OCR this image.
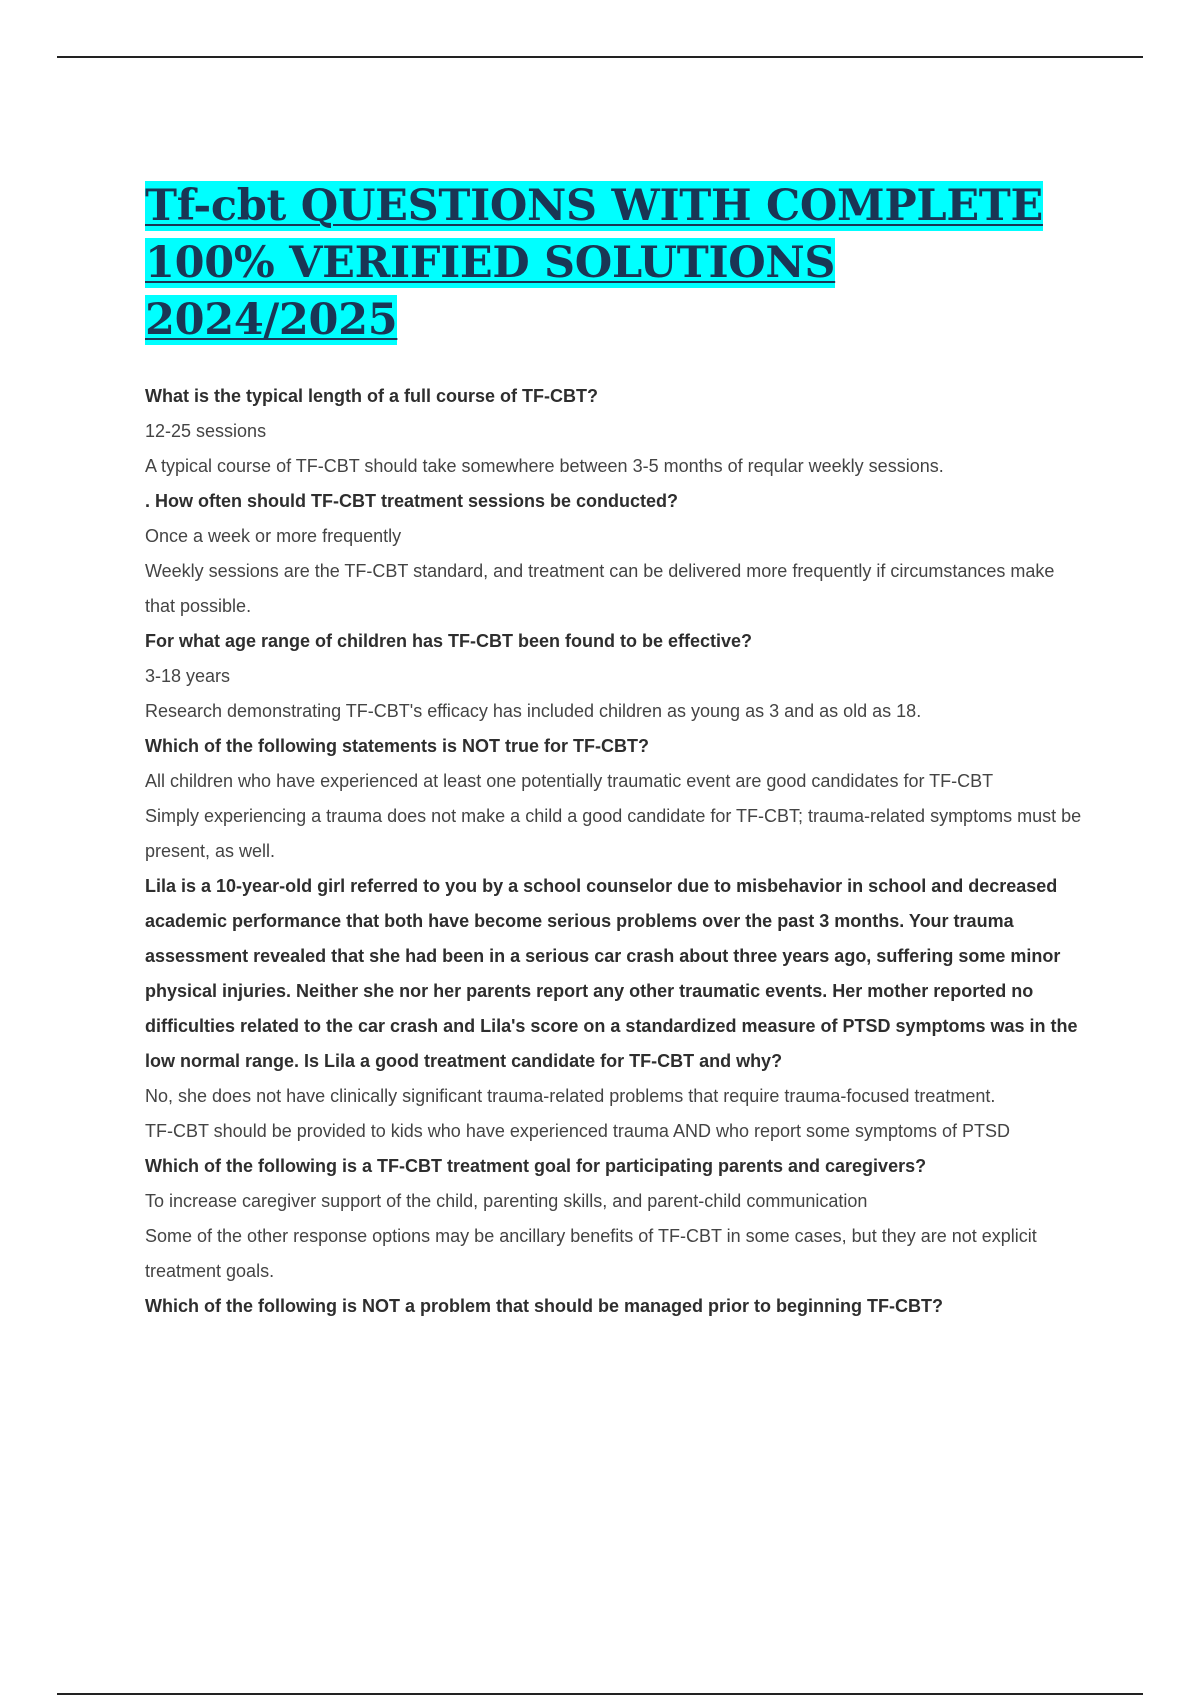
Tf-cbt QUESTIONS WITH COMPLETE 100% VERIFIED SOLUTIONS 2024/2025

What is the typical length of a full course of TF-CBT?

12-25 sessions

A typical course of TF-CBT should take somewhere between 3-5 months of reqular weekly sessions.

. How often should TF-CBT treatment sessions be conducted?

Once a week or more frequently

Weekly sessions are the TF-CBT standard, and treatment can be delivered more frequently if circumstances make that possible.

For what age range of children has TF-CBT been found to be effective?

3-18 years

Research demonstrating TF-CBT's efficacy has included children as young as 3 and as old as 18.

Which of the following statements is NOT true for TF-CBT?

All children who have experienced at least one potentially traumatic event are good candidates for TF-CBT

Simply experiencing a trauma does not make a child a good candidate for TF-CBT; trauma-related symptoms must be present, as well.

Lila is a 10-year-old girl referred to you by a school counselor due to misbehavior in school and decreased academic performance that both have become serious problems over the past 3 months. Your trauma assessment revealed that she had been in a serious car crash about three years ago, suffering some minor physical injuries. Neither she nor her parents report any other traumatic events. Her mother reported no difficulties related to the car crash and Lila's score on a standardized measure of PTSD symptoms was in the low normal range. Is Lila a good treatment candidate for TF-CBT and why?

No, she does not have clinically significant trauma-related problems that require trauma-focused treatment.

TF-CBT should be provided to kids who have experienced trauma AND who report some symptoms of PTSD

Which of the following is a TF-CBT treatment goal for participating parents and caregivers?

To increase caregiver support of the child, parenting skills, and parent-child communication

Some of the other response options may be ancillary benefits of TF-CBT in some cases, but they are not explicit treatment goals.

Which of the following is NOT a problem that should be managed prior to beginning TF-CBT?
